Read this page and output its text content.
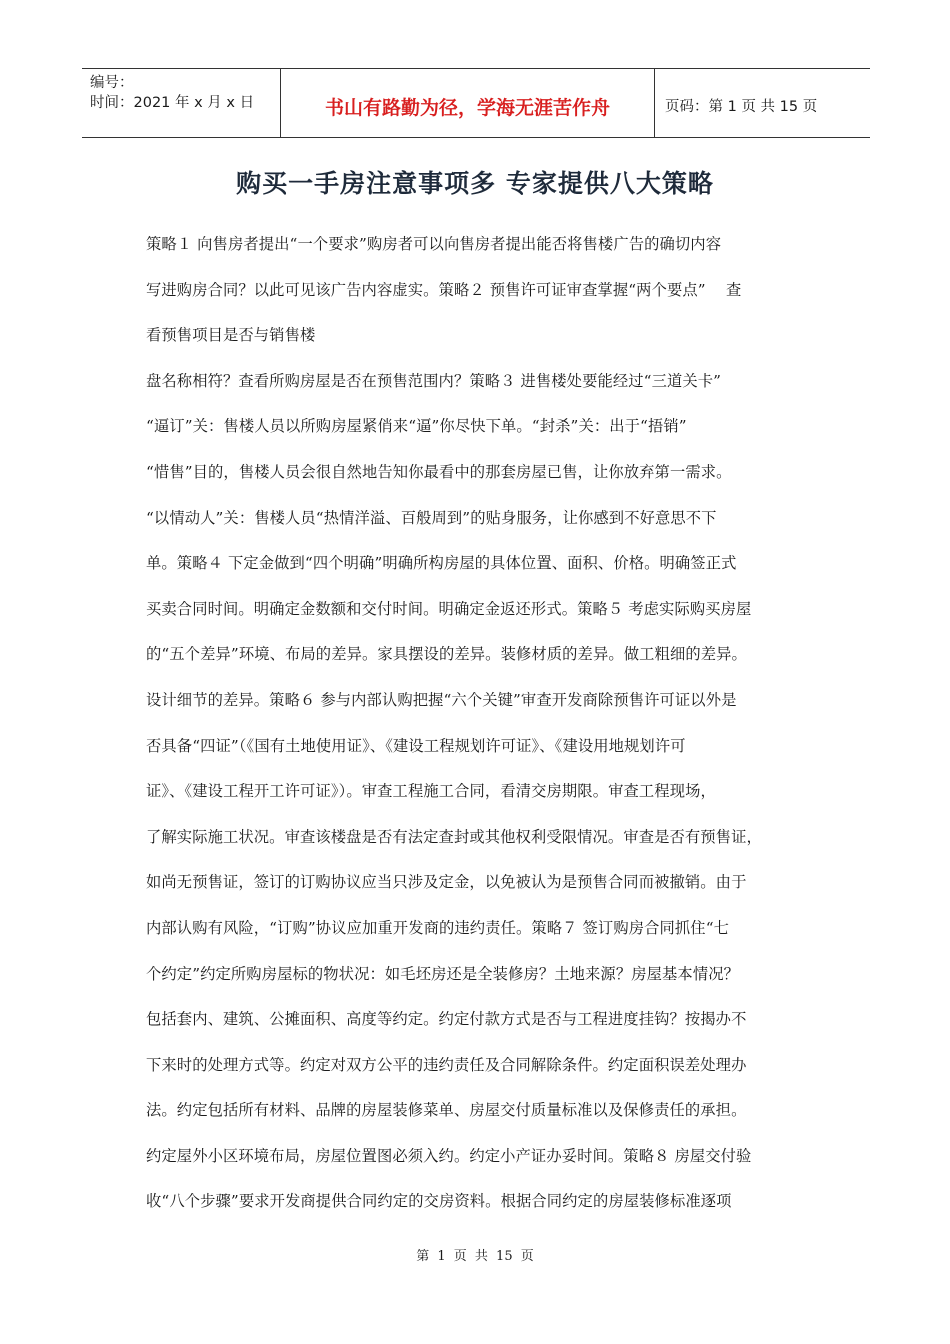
编号：
时间：2021 年 x 月 x 日	书山有路勤为径，学海无涯苦作舟	页码：第 1 页 共 15 页
购买一手房注意事项多 专家提供八大策略
策略１ 向售房者提出“一个要求”购房者可以向售房者提出能否将售楼广告的确切内容
写进购房合同？以此可见该广告内容虚实。策略２ 预售许可证审查掌握“两个要点”　 查
看预售项目是否与销售楼
盘名称相符？查看所购房屋是否在预售范围内？策略３ 进售楼处要能经过“三道关卡”
“逼订”关：售楼人员以所购房屋紧俏来“逼”你尽快下单。“封杀”关：出于“捂销”
“惜售”目的，售楼人员会很自然地告知你最看中的那套房屋已售，让你放弃第一需求。
“以情动人”关：售楼人员“热情洋溢、百般周到”的贴身服务，让你感到不好意思不下
单。策略４ 下定金做到“四个明确”明确所构房屋的具体位置、面积、价格。明确签正式
买卖合同时间。明确定金数额和交付时间。明确定金返还形式。策略５ 考虑实际购买房屋
的“五个差异”环境、布局的差异。家具摆设的差异。装修材质的差异。做工粗细的差异。
设计细节的差异。策略６ 参与内部认购把握“六个关键”审查开发商除预售许可证以外是
否具备“四证”（《国有土地使用证》、《建设工程规划许可证》、《建设用地规划许可
证》、《建设工程开工许可证》）。审查工程施工合同，看清交房期限。审查工程现场，
了解实际施工状况。审查该楼盘是否有法定查封或其他权利受限情况。审查是否有预售证，
如尚无预售证，签订的订购协议应当只涉及定金，以免被认为是预售合同而被撤销。由于
内部认购有风险，“订购”协议应加重开发商的违约责任。策略７ 签订购房合同抓住“七
个约定”约定所购房屋标的物状况：如毛坯房还是全装修房？土地来源？房屋基本情况？
包括套内、建筑、公摊面积、高度等约定。约定付款方式是否与工程进度挂钩？按揭办不
下来时的处理方式等。约定对双方公平的违约责任及合同解除条件。约定面积误差处理办
法。约定包括所有材料、品牌的房屋装修菜单、房屋交付质量标准以及保修责任的承担。
约定屋外小区环境布局，房屋位置图必须入约。约定小产证办妥时间。策略８ 房屋交付验
收“八个步骤”要求开发商提供合同约定的交房资料。根据合同约定的房屋装修标准逐项
第 1 页 共 15 页
